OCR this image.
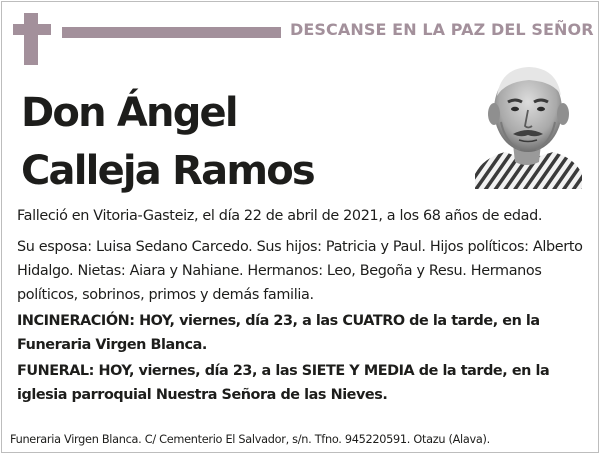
DESCANSE EN LA PAZ DEL SEÑOR
Don Ángel
Calleja Ramos
Falleció en Vitoria-Gasteiz, el día 22 de abril de 2021, a los 68 años de edad.
Su esposa: Luisa Sedano Carcedo. Sus hijos: Patricia y Paul. Hijos políticos: Alberto Hidalgo. Nietas: Aiara y Nahiane. Hermanos: Leo, Begoña y Resu. Hermanos políticos, sobrinos, primos y demás familia.
INCINERACIÓN: HOY, viernes, día 23, a las CUATRO de la tarde, en la Funeraria Virgen Blanca.
FUNERAL: HOY, viernes, día 23, a las SIETE Y MEDIA de la tarde, en la iglesia parroquial Nuestra Señora de las Nieves.
Funeraria Virgen Blanca. C/ Cementerio El Salvador, s/n. Tfno. 945220591. Otazu (Alava).
